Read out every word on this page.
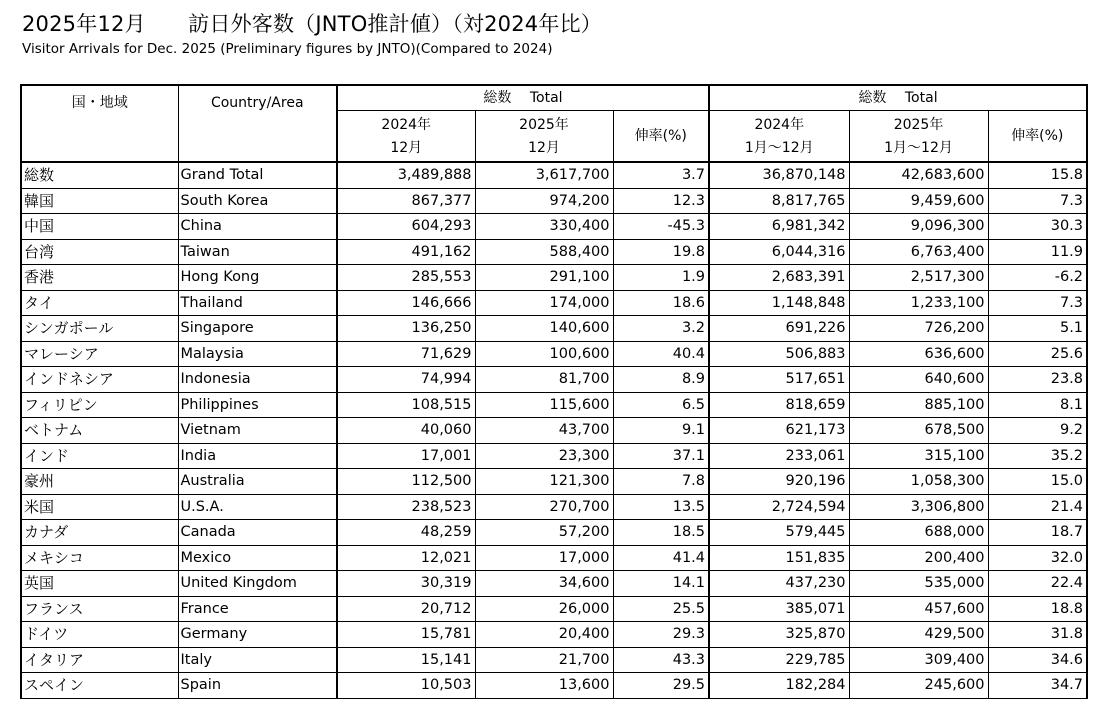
2025年12月　　訪日外客数（JNTO推計値）（対2024年比）
Visitor Arrivals for Dec. 2025 (Preliminary figures by JNTO)(Compared to 2024)
国・地域	Country/Area	総数　 Total			総数　 Total		
		2024年	2025年	伸率(%)	2024年	2025年	伸率(%)
		12月	12月		1月～12月	1月～12月	
総数	Grand Total	3,489,888	3,617,700	3.7	36,870,148	42,683,600	15.8
韓国	South Korea	867,377	974,200	12.3	8,817,765	9,459,600	7.3
中国	China	604,293	330,400	-45.3	6,981,342	9,096,300	30.3
台湾	Taiwan	491,162	588,400	19.8	6,044,316	6,763,400	11.9
香港	Hong Kong	285,553	291,100	1.9	2,683,391	2,517,300	-6.2
タイ	Thailand	146,666	174,000	18.6	1,148,848	1,233,100	7.3
シンガポール	Singapore	136,250	140,600	3.2	691,226	726,200	5.1
マレーシア	Malaysia	71,629	100,600	40.4	506,883	636,600	25.6
インドネシア	Indonesia	74,994	81,700	8.9	517,651	640,600	23.8
フィリピン	Philippines	108,515	115,600	6.5	818,659	885,100	8.1
ベトナム	Vietnam	40,060	43,700	9.1	621,173	678,500	9.2
インド	India	17,001	23,300	37.1	233,061	315,100	35.2
豪州	Australia	112,500	121,300	7.8	920,196	1,058,300	15.0
米国	U.S.A.	238,523	270,700	13.5	2,724,594	3,306,800	21.4
カナダ	Canada	48,259	57,200	18.5	579,445	688,000	18.7
メキシコ	Mexico	12,021	17,000	41.4	151,835	200,400	32.0
英国	United Kingdom	30,319	34,600	14.1	437,230	535,000	22.4
フランス	France	20,712	26,000	25.5	385,071	457,600	18.8
ドイツ	Germany	15,781	20,400	29.3	325,870	429,500	31.8
イタリア	Italy	15,141	21,700	43.3	229,785	309,400	34.6
スペイン	Spain	10,503	13,600	29.5	182,284	245,600	34.7
